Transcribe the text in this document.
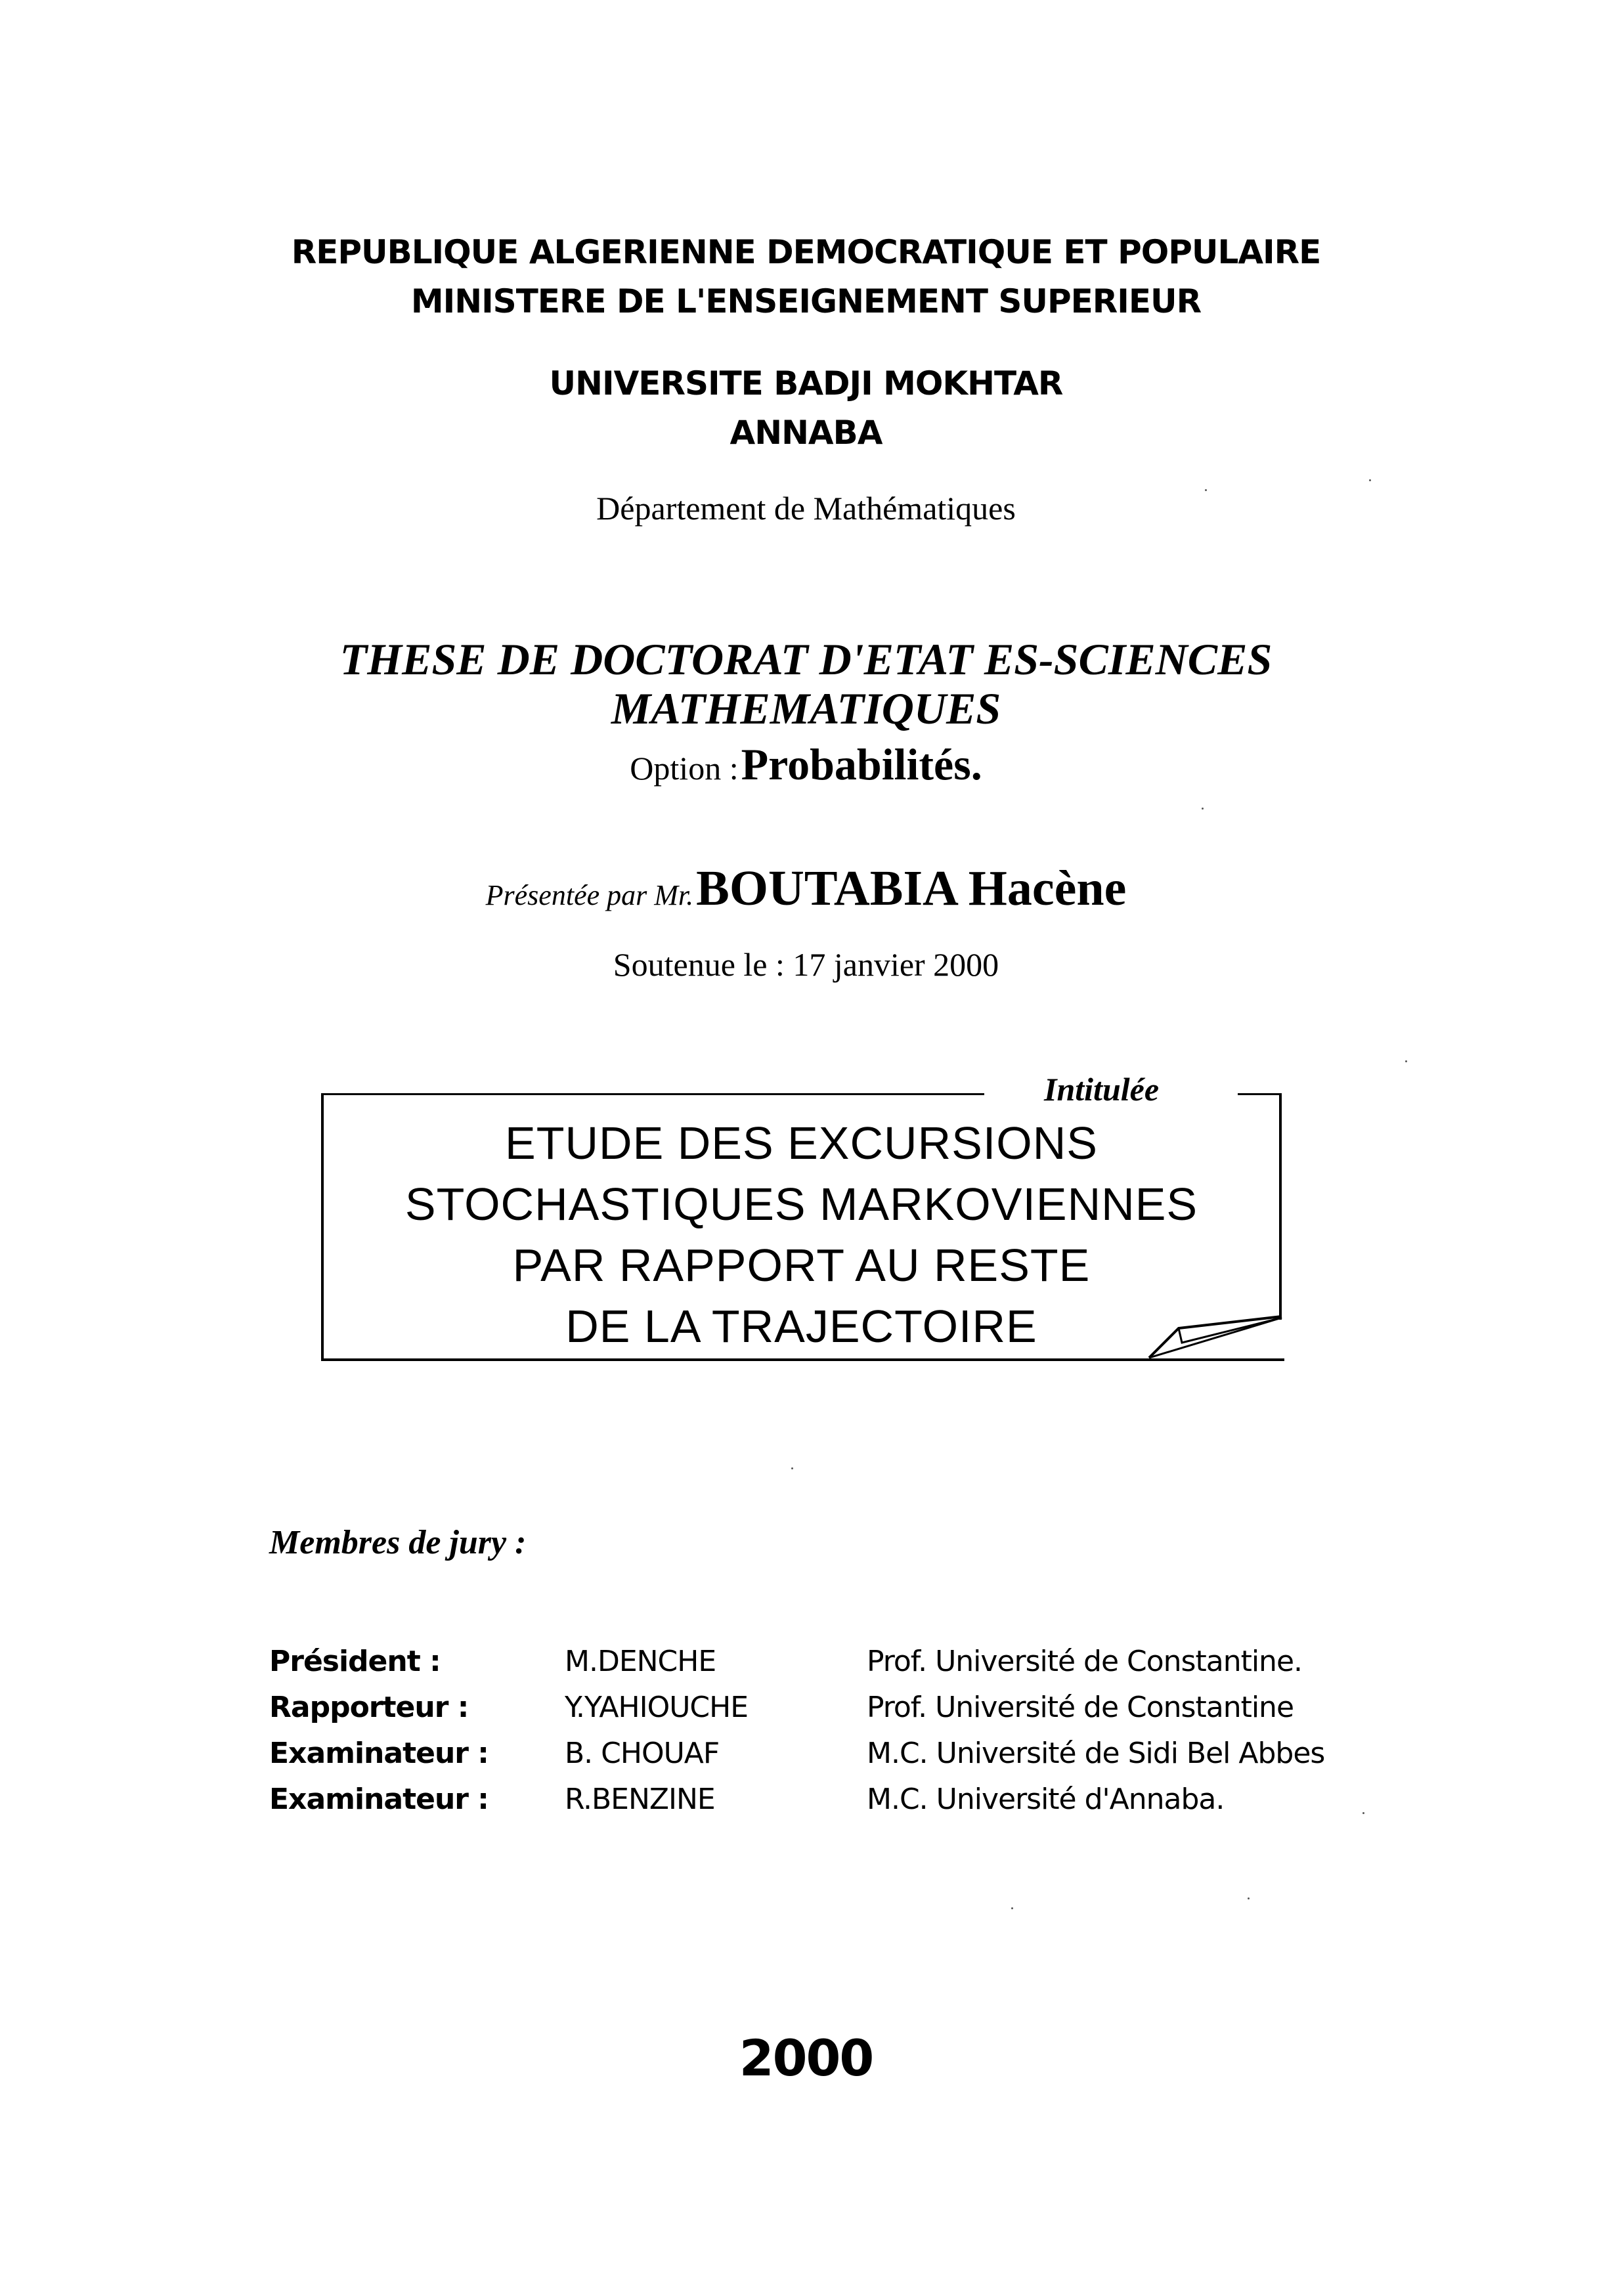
REPUBLIQUE ALGERIENNE DEMOCRATIQUE ET POPULAIRE
MINISTERE DE L'ENSEIGNEMENT SUPERIEUR
UNIVERSITE BADJI MOKHTAR
ANNABA
Département de Mathématiques
THESE DE DOCTORAT D'ETAT ES-SCIENCES
MATHEMATIQUES
Option : Probabilités.
Présentée par Mr. BOUTABIA Hacène
Soutenue le : 17 janvier 2000
Intitulée
ETUDE DES EXCURSIONS
STOCHASTIQUES MARKOVIENNES
PAR RAPPORT AU RESTE
DE LA TRAJECTOIRE
Membres de jury :
Président :	M.DENCHE	Prof. Université de Constantine.
Rapporteur :	Y.YAHIOUCHE	Prof. Université de Constantine
Examinateur :	B. CHOUAF	M.C. Université de Sidi Bel Abbes
Examinateur :	R.BENZINE	M.C. Université d'Annaba.
2000
